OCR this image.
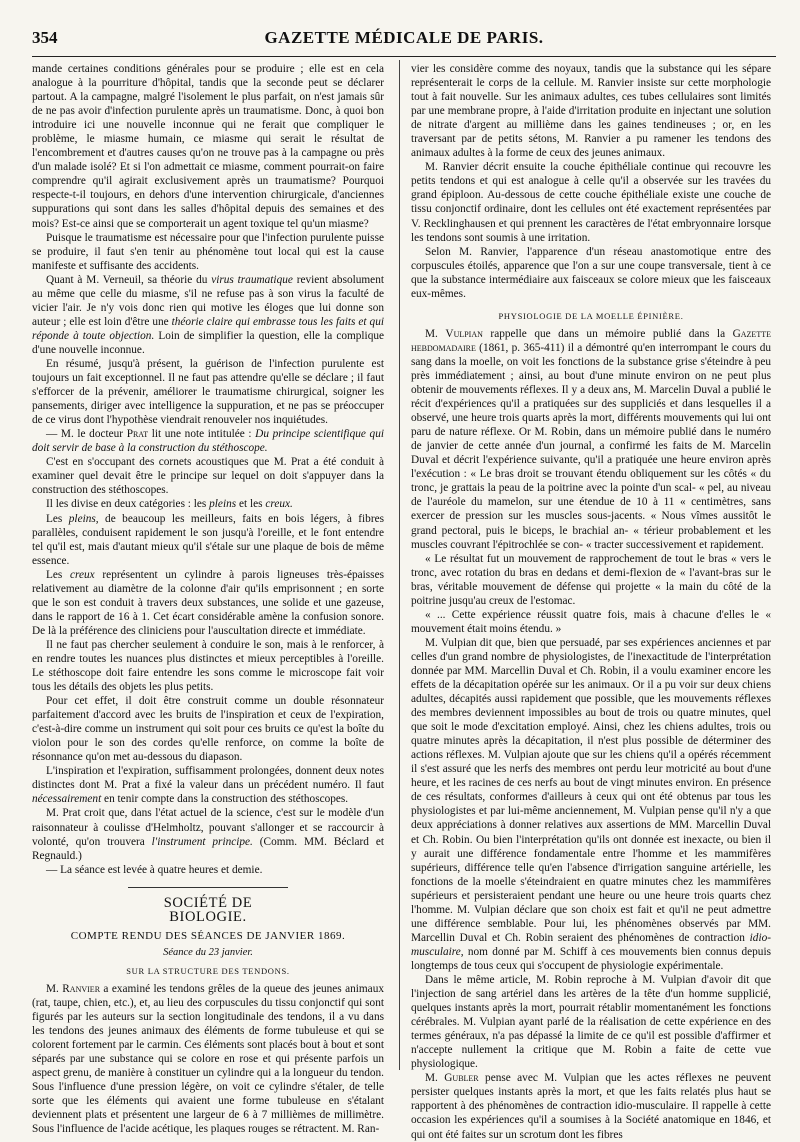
354	GAZETTE MÉDICALE DE PARIS.

mande certaines conditions générales pour se produire ; elle est en cela analogue à la pourriture d'hôpital, tandis que la seconde peut se déclarer partout. A la campagne, malgré l'isolement le plus parfait, on n'est jamais sûr de ne pas avoir d'infection purulente après un traumatisme. Donc, à quoi bon introduire ici une nouvelle inconnue qui ne ferait que compliquer le problème, le miasme humain, ce miasme qui serait le résultat de l'encombrement et d'autres causes qu'on ne trouve pas à la campagne ou près d'un malade isolé? Et si l'on admettait ce miasme, comment pourrait-on faire comprendre qu'il agirait exclusivement après un traumatisme? Pourquoi respecte-t-il toujours, en dehors d'une intervention chirurgicale, d'anciennes suppurations qui sont dans les salles d'hôpital depuis des semaines et des mois? Est-ce ainsi que se comporterait un agent toxique tel qu'un miasme?

Puisque le traumatisme est nécessaire pour que l'infection purulente puisse se produire, il faut s'en tenir au phénomène tout local qui est la cause manifeste et suffisante des accidents.

Quant à M. Verneuil, sa théorie du virus traumatique revient absolument au même que celle du miasme, s'il ne refuse pas à son virus la faculté de vicier l'air. Je n'y vois donc rien qui motive les éloges que lui donne son auteur ; elle est loin d'être une théorie claire qui embrasse tous les faits et qui réponde à toute objection. Loin de simplifier la question, elle la complique d'une nouvelle inconnue.

En résumé, jusqu'à présent, la guérison de l'infection purulente est toujours un fait exceptionnel. Il ne faut pas attendre qu'elle se déclare ; il faut s'efforcer de la prévenir, améliorer le traumatisme chirurgical, soigner les pansements, diriger avec intelligence la suppuration, et ne pas se préoccuper de ce virus dont l'hypothèse viendrait renouveler nos inquiétudes.

— M. le docteur Prat lit une note intitulée : Du principe scientifique qui doit servir de base à la construction du stéthoscope.

C'est en s'occupant des cornets acoustiques que M. Prat a été conduit à examiner quel devait être le principe sur lequel on doit s'appuyer dans la construction des stéthoscopes.

Il les divise en deux catégories : les pleins et les creux.

Les pleins, de beaucoup les meilleurs, faits en bois légers, à fibres parallèles, conduisent rapidement le son jusqu'à l'oreille, et le font entendre tel qu'il est, mais d'autant mieux qu'il s'étale sur une plaque de bois de même essence.

Les creux représentent un cylindre à parois ligneuses très-épaisses relativement au diamètre de la colonne d'air qu'ils emprisonnent ; en sorte que le son est conduit à travers deux substances, une solide et une gazeuse, dans le rapport de 16 à 1. Cet écart considérable amène la confusion sonore. De là la préférence des cliniciens pour l'auscultation directe et immédiate.

Il ne faut pas chercher seulement à conduire le son, mais à le renforcer, à en rendre toutes les nuances plus distinctes et mieux perceptibles à l'oreille. Le stéthoscope doit faire entendre les sons comme le microscope fait voir tous les détails des objets les plus petits.

Pour cet effet, il doit être construit comme un double résonnateur parfaitement d'accord avec les bruits de l'inspiration et ceux de l'expiration, c'est-à-dire comme un instrument qui soit pour ces bruits ce qu'est la boîte du violon pour le son des cordes qu'elle renforce, on comme la boîte de résonnance qu'on met au-dessous du diapason.

L'inspiration et l'expiration, suffisamment prolongées, donnent deux notes distinctes dont M. Prat a fixé la valeur dans un précédent numéro. Il faut nécessairement en tenir compte dans la construction des stéthoscopes.

M. Prat croit que, dans l'état actuel de la science, c'est sur le modèle d'un raisonnateur à coulisse d'Helmholtz, pouvant s'allonger et se raccourcir à volonté, qu'on trouvera l'instrument principe. (Comm. MM. Béclard et Regnauld.)

— La séance est levée à quatre heures et demie.

SOCIÉTÉ DE BIOLOGIE.
COMPTE RENDU DES SÉANCES DE JANVIER 1869.
Séance du 23 janvier.
SUR LA STRUCTURE DES TENDONS.

M. Ranvier a examiné les tendons grêles de la queue des jeunes animaux (rat, taupe, chien, etc.), et, au lieu des corpuscules du tissu conjonctif qui sont figurés par les auteurs sur la section longitudinale des tendons, il a vu dans les tendons des jeunes animaux des éléments de forme tubuleuse et qui se colorent fortement par le carmin. Ces éléments sont placés bout à bout et sont séparés par une substance qui se colore en rose et qui présente parfois un aspect grenu, de manière à constituer un cylindre qui a la longueur du tendon. Sous l'influence d'une pression légère, on voit ce cylindre s'étaler, de telle sorte que les éléments qui avaient une forme tubuleuse en s'étalant deviennent plats et présentent une largeur de 6 à 7 millièmes de millimètre. Sous l'influence de l'acide acétique, les plaques rouges se rétractent. M. Ran-

vier les considère comme des noyaux, tandis que la substance qui les sépare représenterait le corps de la cellule. M. Ranvier insiste sur cette morphologie tout à fait nouvelle. Sur les animaux adultes, ces tubes cellulaires sont limités par une membrane propre, à l'aide d'irritation produite en injectant une solution de nitrate d'argent au millième dans les gaines tendineuses ; or, en les traversant par de petits sétons, M. Ranvier a pu ramener les tendons des animaux adultes à la forme de ceux des jeunes animaux.

M. Ranvier décrit ensuite la couche épithéliale continue qui recouvre les petits tendons et qui est analogue à celle qu'il a observée sur les travées du grand épiploon. Au-dessous de cette couche épithéliale existe une couche de tissu conjonctif ordinaire, dont les cellules ont été exactement représentées par V. Recklinghausen et qui prennent les caractères de l'état embryonnaire lorsque les tendons sont soumis à une irritation.

Selon M. Ranvier, l'apparence d'un réseau anastomotique entre des corpuscules étoilés, apparence que l'on a sur une coupe transversale, tient à ce que la substance intermédiaire aux faisceaux se colore mieux que les faisceaux eux-mêmes.

PHYSIOLOGIE DE LA MOELLE ÉPINIÈRE.

M. Vulpian rappelle que dans un mémoire publié dans la Gazette hebdomadaire (1861, p. 365-411) il a démontré qu'en interrompant le cours du sang dans la moelle, on voit les fonctions de la substance grise s'éteindre à peu près immédiatement ; ainsi, au bout d'une minute environ on ne peut plus obtenir de mouvements réflexes. Il y a deux ans, M. Marcelin Duval a publié le récit d'expériences qu'il a pratiquées sur des suppliciés et dans lesquelles il a observé, une heure trois quarts après la mort, différents mouvements qui lui ont paru de nature réflexe. Or M. Robin, dans un mémoire publié dans le numéro de janvier de cette année d'un journal, a confirmé les faits de M. Marcelin Duval et décrit l'expérience suivante, qu'il a pratiquée une heure environ après l'exécution : « Le bras droit se trouvant étendu obliquement sur les côtés « du tronc, je grattais la peau de la poitrine avec la pointe d'un scal- « pel, au niveau de l'auréole du mamelon, sur une étendue de 10 à 11 « centimètres, sans exercer de pression sur les muscles sous-jacents. « Nous vîmes aussitôt le grand pectoral, puis le biceps, le brachial an- « térieur probablement et les muscles couvrant l'épitrochlée se con- « tracter successivement et rapidement.

« Le résultat fut un mouvement de rapprochement de tout le bras « vers le tronc, avec rotation du bras en dedans et demi-flexion de « l'avant-bras sur le bras, véritable mouvement de défense qui projette « la main du côté de la poitrine jusqu'au creux de l'estomac.

« ... Cette expérience réussit quatre fois, mais à chacune d'elles le « mouvement était moins étendu. »

M. Vulpian dit que, bien que persuadé, par ses expériences anciennes et par celles d'un grand nombre de physiologistes, de l'inexactitude de l'interprétation donnée par MM. Marcellin Duval et Ch. Robin, il a voulu examiner encore les effets de la décapitation opérée sur les animaux. Or il a pu voir sur deux chiens adultes, décapités aussi rapidement que possible, que les mouvements réflexes des membres deviennent impossibles au bout de trois ou quatre minutes, quel que soit le mode d'excitation employé. Ainsi, chez les chiens adultes, trois ou quatre minutes après la décapitation, il n'est plus possible de déterminer des actions réflexes. M. Vulpian ajoute que sur les chiens qu'il a opérés récemment il s'est assuré que les nerfs des membres ont perdu leur motricité au bout d'une heure, et les racines de ces nerfs au bout de vingt minutes environ. En présence de ces résultats, conformes d'ailleurs à ceux qui ont été obtenus par tous les physiologistes et par lui-même anciennement, M. Vulpian pense qu'il n'y a que deux appréciations à donner relatives aux assertions de MM. Marcellin Duval et Ch. Robin. Ou bien l'interprétation qu'ils ont donnée est inexacte, ou bien il y aurait une différence fondamentale entre l'homme et les mammifères supérieurs, différence telle qu'en l'absence d'irrigation sanguine artérielle, les fonctions de la moelle s'éteindraient en quatre minutes chez les mammifères supérieurs et persisteraient pendant une heure ou une heure trois quarts chez l'homme. M. Vulpian déclare que son choix est fait et qu'il ne peut admettre une différence semblable. Pour lui, les phénomènes observés par MM. Marcellin Duval et Ch. Robin seraient des phénomènes de contraction idio-musculaire, nom donné par M. Schiff à ces mouvements bien connus depuis longtemps de tous ceux qui s'occupent de physiologie expérimentale.

Dans le même article, M. Robin reproche à M. Vulpian d'avoir dit que l'injection de sang artériel dans les artères de la tête d'un homme supplicié, quelques instants après la mort, pourrait rétablir momentanément les fonctions cérébrales. M. Vulpian ayant parlé de la réalisation de cette expérience en des termes généraux, n'a pas dépassé la limite de ce qu'il est possible d'affirmer et n'accepte nullement la critique que M. Robin a faite de cette vue physiologique.

M. Gubler pense avec M. Vulpian que les actes réflexes ne peuvent persister quelques instants après la mort, et que les faits relatés plus haut se rapportent à des phénomènes de contraction idio-musculaire. Il rappelle à cette occasion les expériences qu'il a soumises à la Société anatomique en 1846, et qui ont été faites sur un scrotum dont les fibres
